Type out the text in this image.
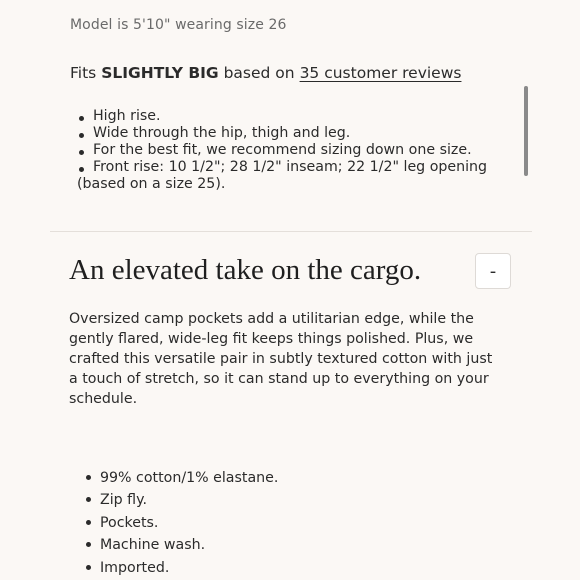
Model is 5'10" wearing size 26
Fits SLIGHTLY BIG based on 35 customer reviews
High rise.
Wide through the hip, thigh and leg.
For the best fit, we recommend sizing down one size.
Front rise: 10 1/2"; 28 1/2" inseam; 22 1/2" leg opening
(based on a size 25).
An elevated take on the cargo.	-

Oversized camp pockets add a utilitarian edge, while the gently flared, wide-leg fit keeps things polished. Plus, we crafted this versatile pair in subtly textured cotton with just a touch of stretch, so it can stand up to everything on your schedule.

99% cotton/1% elastane.
Zip fly.
Pockets.
Machine wash.
Imported.
